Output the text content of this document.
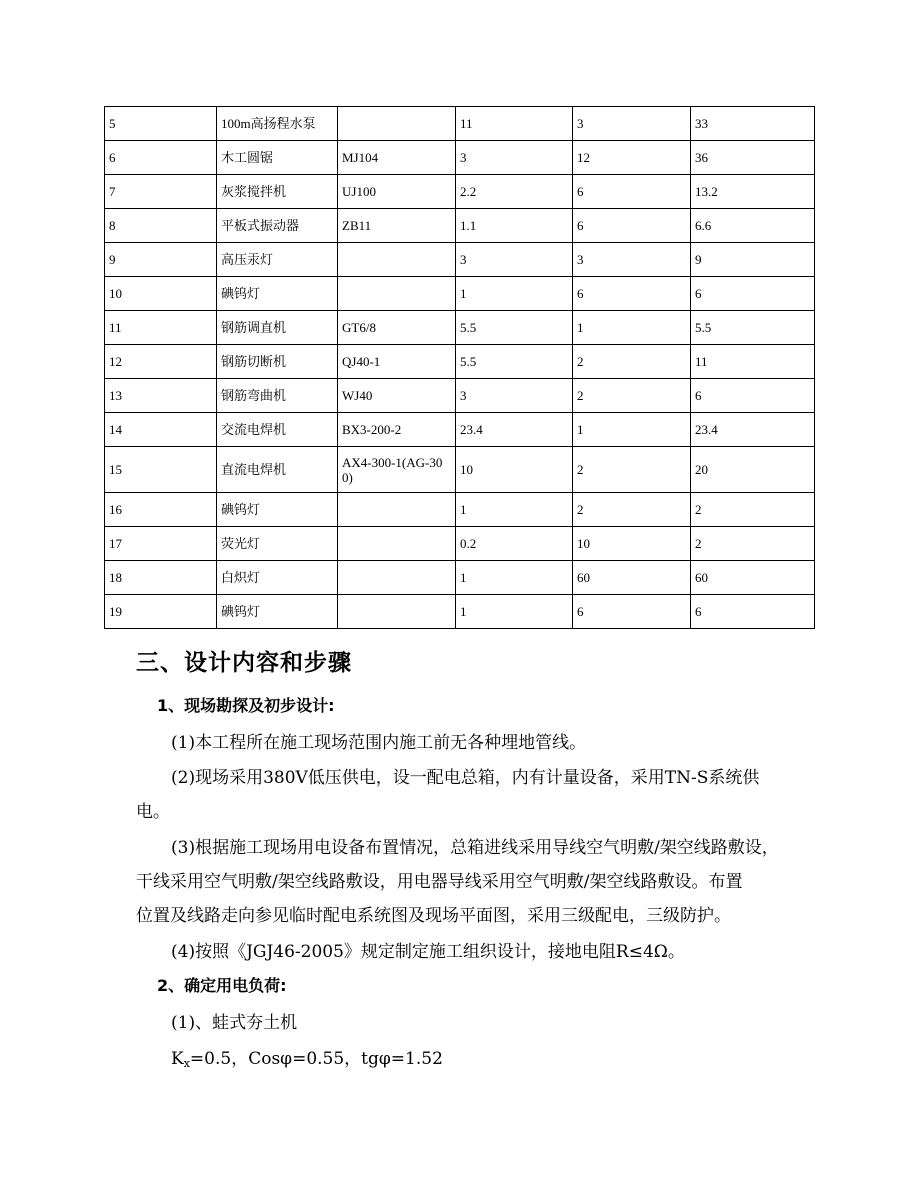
5	100m高扬程水泵		11	3	33
6	木工圆锯	MJ104	3	12	36
7	灰浆搅拌机	UJ100	2.2	6	13.2
8	平板式振动器	ZB11	1.1	6	6.6
9	高压汞灯		3	3	9
10	碘钨灯		1	6	6
11	钢筋调直机	GT6/8	5.5	1	5.5
12	钢筋切断机	QJ40-1	5.5	2	11
13	钢筋弯曲机	WJ40	3	2	6
14	交流电焊机	BX3-200-2	23.4	1	23.4
15	直流电焊机	AX4-300-1(AG-300)	10	2	20
16	碘钨灯		1	2	2
17	荧光灯		0.2	10	2
18	白炽灯		1	60	60
19	碘钨灯		1	6	6
三、设计内容和步骤
1、现场勘探及初步设计:
(1)本工程所在施工现场范围内施工前无各种埋地管线。
(2)现场采用380V低压供电，设一配电总箱，内有计量设备，采用TN-S系统供
电。
(3)根据施工现场用电设备布置情况，总箱进线采用导线空气明敷/架空线路敷设，
干线采用空气明敷/架空线路敷设，用电器导线采用空气明敷/架空线路敷设。布置
位置及线路走向参见临时配电系统图及现场平面图，采用三级配电，三级防护。
(4)按照《JGJ46-2005》规定制定施工组织设计，接地电阻R≤4Ω。
2、确定用电负荷:
(1)、蛙式夯土机
$K_x=0.5$，Cosφ=0.55，tgφ=1.52
